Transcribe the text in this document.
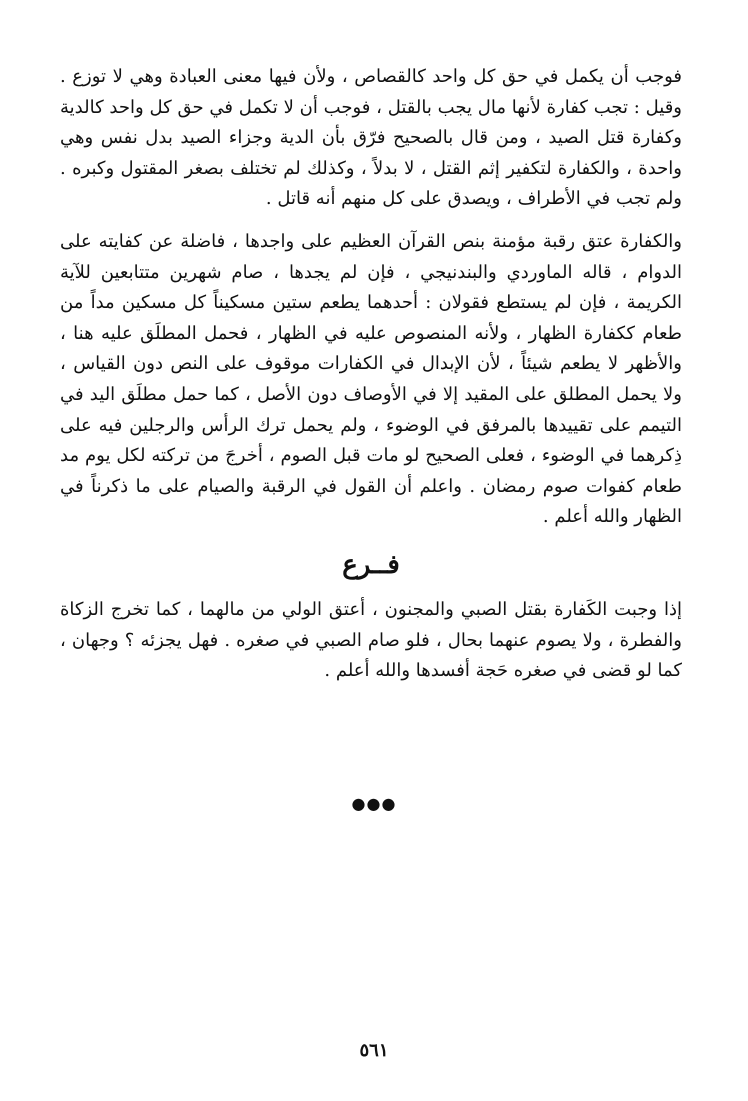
فوجب أن يكمل في حق كل واحد كالقصاص ، ولأن فيها معنى العبادة وهي لا توزع . وقيل : تجب كفارة لأنها مال يجب بالقتل ، فوجب أن لا تكمل في حق كل واحد كالدية وكفارة قتل الصيد ، ومن قال بالصحيح فرّق بأن الدية وجزاء الصيد بدل نفس وهي واحدة ، والكفارة لتكفير إثم القتل ، لا بدلاً ، وكذلك لم تختلف بصغر المقتول وكبره . ولم تجب في الأطراف ، ويصدق على كل منهم أنه قاتل .

والكفارة عتق رقبة مؤمنة بنص القرآن العظيم على واجدها ، فاضلة عن كفايته على الدوام ، قاله الماوردي والبندنيجي ، فإن لم يجدها ، صام شهرين متتابعين للآية الكريمة ، فإن لم يستطع فقولان : أحدهما يطعم ستين مسكيناً كل مسكين مداً من طعام ككفارة الظهار ، ولأنه المنصوص عليه في الظهار ، فحمل المطلَق عليه هنا ، والأظهر لا يطعم شيئاً ، لأن الإبدال في الكفارات موقوف على النص دون القياس ، ولا يحمل المطلق على المقيد إلا في الأوصاف دون الأصل ، كما حمل مطلَق اليد في التيمم على تقييدها بالمرفق في الوضوء ، ولم يحمل ترك الرأس والرجلين فيه على ذِكرهما في الوضوء ، فعلى الصحيح لو مات قبل الصوم ، أخرجَ من تركته لكل يوم مد طعام كفوات صوم رمضان . واعلم أن القول في الرقبة والصيام على ما ذكرناً في الظهار والله أعلم .

فــرع

إذا وجبت الكَفارة بقتل الصبي والمجنون ، أعتق الولي من مالهما ، كما تخرج الزكاة والفطرة ، ولا يصوم عنهما بحال ، فلو صام الصبي في صغره . فهل يجزئه ؟ وجهان ، كما لو قضى في صغره حَجة أفسدها والله أعلم .

●●●
٥٦١
